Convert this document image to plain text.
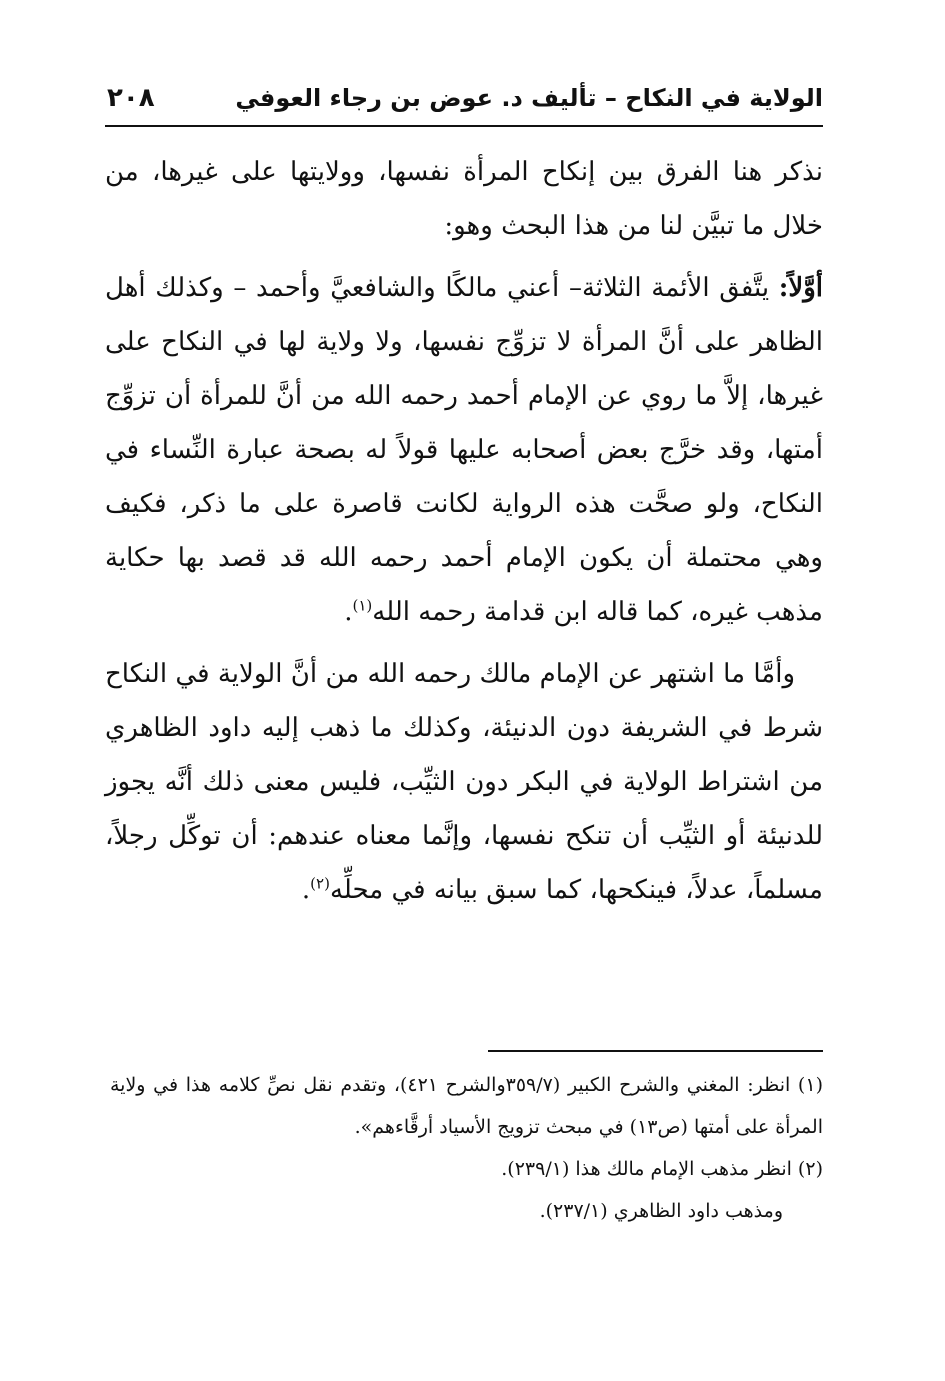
الولاية في النكاح – تأليف د. عوض بن رجاء العوفي
٢٠٨

نذكر هنا الفرق بين إنكاح المرأة نفسها، وولايتها على غيرها، من خلال ما تبيَّن لنا من هذا البحث وهو:

أوَّلاً: يتَّفق الأئمة الثلاثة– أعني مالكًا والشافعيَّ وأحمد – وكذلك أهل الظاهر على أنَّ المرأة لا تزوِّج نفسها، ولا ولاية لها في النكاح على غيرها، إلاَّ ما روي عن الإمام أحمد رحمه الله من أنَّ للمرأة أن تزوِّج أمتها، وقد خرَّج بعض أصحابه عليها قولاً له بصحة عبارة النِّساء في النكاح، ولو صحَّت هذه الرواية لكانت قاصرة على ما ذكر، فكيف وهي محتملة أن يكون الإمام أحمد رحمه الله قد قصد بها حكاية مذهب غيره، كما قاله ابن قدامة رحمه الله$^{(١)}$.

وأمَّا ما اشتهر عن الإمام مالك رحمه الله من أنَّ الولاية في النكاح شرط في الشريفة دون الدنيئة، وكذلك ما ذهب إليه داود الظاهري من اشتراط الولاية في البكر دون الثيِّب، فليس معنى ذلك أنَّه يجوز للدنيئة أو الثيِّب أن تنكح نفسها، وإنَّما معناه عندهم: أن توكِّل رجلاً، مسلماً، عدلاً، فينكحها، كما سبق بيانه في محلِّه$^{(٢)}$.

(١) انظر: المغني والشرح الكبير (٣٥٩/٧والشرح ٤٢١)، وتقدم نقل نصِّ كلامه هذا في ولاية المرأة على أمتها (ص١٣) في مبحث تزويج الأسياد أرقَّاءهم».

(٢) انظر مذهب الإمام مالك هذا (٢٣٩/١).

ومذهب داود الظاهري (٢٣٧/١).
